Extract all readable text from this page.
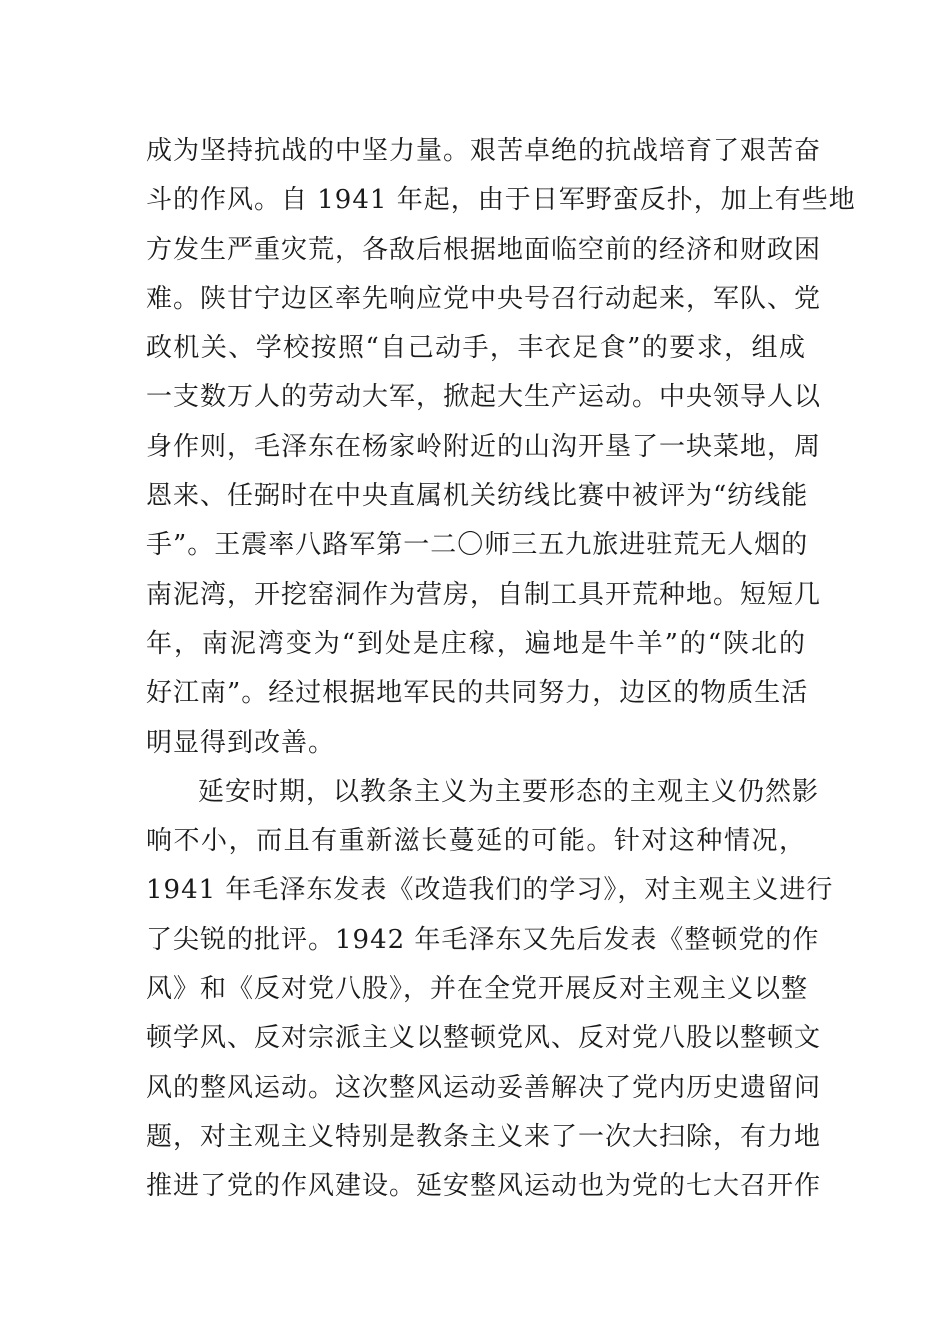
成为坚持抗战的中坚力量。艰苦卓绝的抗战培育了艰苦奋
斗的作风。自 1941 年起，由于日军野蛮反扑，加上有些地
方发生严重灾荒，各敌后根据地面临空前的经济和财政困
难。陕甘宁边区率先响应党中央号召行动起来，军队、党
政机关、学校按照“自己动手，丰衣足食”的要求，组成
一支数万人的劳动大军，掀起大生产运动。中央领导人以
身作则，毛泽东在杨家岭附近的山沟开垦了一块菜地，周
恩来、任弼时在中央直属机关纺线比赛中被评为“纺线能
手”。王震率八路军第一二〇师三五九旅进驻荒无人烟的
南泥湾，开挖窑洞作为营房，自制工具开荒种地。短短几
年，南泥湾变为“到处是庄稼，遍地是牛羊”的“陕北的
好江南”。经过根据地军民的共同努力，边区的物质生活
明显得到改善。
延安时期，以教条主义为主要形态的主观主义仍然影
响不小，而且有重新滋长蔓延的可能。针对这种情况，
1941 年毛泽东发表《改造我们的学习》，对主观主义进行
了尖锐的批评。1942 年毛泽东又先后发表《整顿党的作
风》和《反对党八股》，并在全党开展反对主观主义以整
顿学风、反对宗派主义以整顿党风、反对党八股以整顿文
风的整风运动。这次整风运动妥善解决了党内历史遗留问
题，对主观主义特别是教条主义来了一次大扫除，有力地
推进了党的作风建设。延安整风运动也为党的七大召开作
